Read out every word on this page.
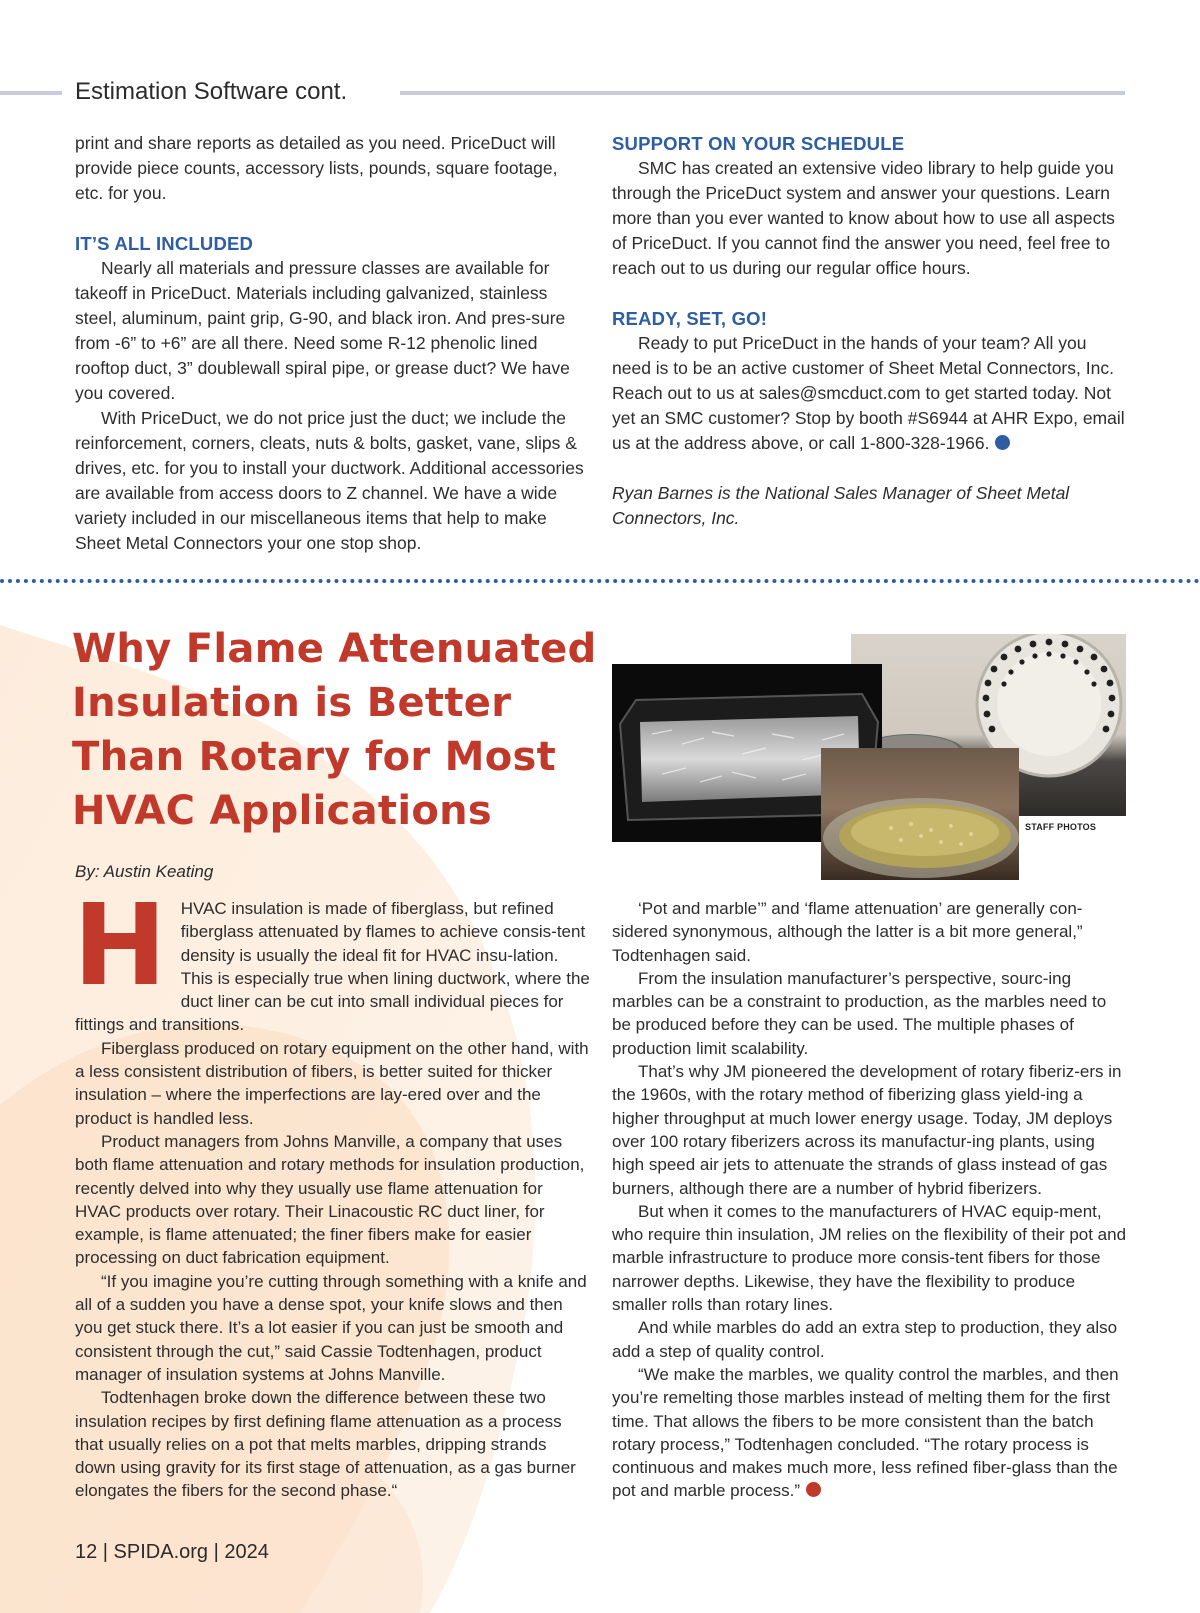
Estimation Software cont.

print and share reports as detailed as you need. PriceDuct will provide piece counts, accessory lists, pounds, square footage, etc. for you.

IT’S ALL INCLUDED

Nearly all materials and pressure classes are available for takeoff in PriceDuct. Materials including galvanized, stainless steel, aluminum, paint grip, G-90, and black iron. And pres-sure from -6” to +6” are all there. Need some R-12 phenolic lined rooftop duct, 3” doublewall spiral pipe, or grease duct? We have you covered.

With PriceDuct, we do not price just the duct; we include the reinforcement, corners, cleats, nuts & bolts, gasket, vane, slips & drives, etc. for you to install your ductwork. Additional accessories are available from access doors to Z channel. We have a wide variety included in our miscellaneous items that help to make Sheet Metal Connectors your one stop shop.

SUPPORT ON YOUR SCHEDULE

SMC has created an extensive video library to help guide you through the PriceDuct system and answer your questions. Learn more than you ever wanted to know about how to use all aspects of PriceDuct. If you cannot find the answer you need, feel free to reach out to us during our regular office hours.

READY, SET, GO!

Ready to put PriceDuct in the hands of your team? All you need is to be an active customer of Sheet Metal Connectors, Inc. Reach out to us at sales@smcduct.com to get started today. Not yet an SMC customer? Stop by booth #S6944 at AHR Expo, email us at the address above, or call 1-800-328-1966.

Ryan Barnes is the National Sales Manager of Sheet Metal Connectors, Inc.

Why Flame Attenuated
Insulation is Better
Than Rotary for Most
HVAC Applications
By: Austin Keating
STAFF PHOTOS

HHVAC insulation is made of fiberglass, but refined fiberglass attenuated by flames to achieve consis-tent density is usually the ideal fit for HVAC insu-lation. This is especially true when lining ductwork, where the duct liner can be cut into small individual pieces for fittings and transitions.

Fiberglass produced on rotary equipment on the other hand, with a less consistent distribution of fibers, is better suited for thicker insulation – where the imperfections are lay-ered over and the product is handled less.

Product managers from Johns Manville, a company that uses both flame attenuation and rotary methods for insulation production, recently delved into why they usually use flame attenuation for HVAC products over rotary. Their Linacoustic RC duct liner, for example, is flame attenuated; the finer fibers make for easier processing on duct fabrication equipment.

“If you imagine you’re cutting through something with a knife and all of a sudden you have a dense spot, your knife slows and then you get stuck there. It’s a lot easier if you can just be smooth and consistent through the cut,” said Cassie Todtenhagen, product manager of insulation systems at Johns Manville.

Todtenhagen broke down the difference between these two insulation recipes by first defining flame attenuation as a process that usually relies on a pot that melts marbles, dripping strands down using gravity for its first stage of attenuation, as a gas burner elongates the fibers for the second phase.“

‘Pot and marble’” and ‘flame attenuation’ are generally con-sidered synonymous, although the latter is a bit more general,” Todtenhagen said.

From the insulation manufacturer’s perspective, sourc-ing marbles can be a constraint to production, as the marbles need to be produced before they can be used. The multiple phases of production limit scalability.

That’s why JM pioneered the development of rotary fiberiz-ers in the 1960s, with the rotary method of fiberizing glass yield-ing a higher throughput at much lower energy usage. Today, JM deploys over 100 rotary fiberizers across its manufactur-ing plants, using high speed air jets to attenuate the strands of glass instead of gas burners, although there are a number of hybrid fiberizers.

But when it comes to the manufacturers of HVAC equip-ment, who require thin insulation, JM relies on the flexibility of their pot and marble infrastructure to produce more consis-tent fibers for those narrower depths. Likewise, they have the flexibility to produce smaller rolls than rotary lines.

And while marbles do add an extra step to production, they also add a step of quality control.

“We make the marbles, we quality control the marbles, and then you’re remelting those marbles instead of melting them for the first time. That allows the fibers to be more consistent than the batch rotary process,” Todtenhagen concluded. “The rotary process is continuous and makes much more, less refined fiber-glass than the pot and marble process.”

12 | SPIDA.org | 2024
